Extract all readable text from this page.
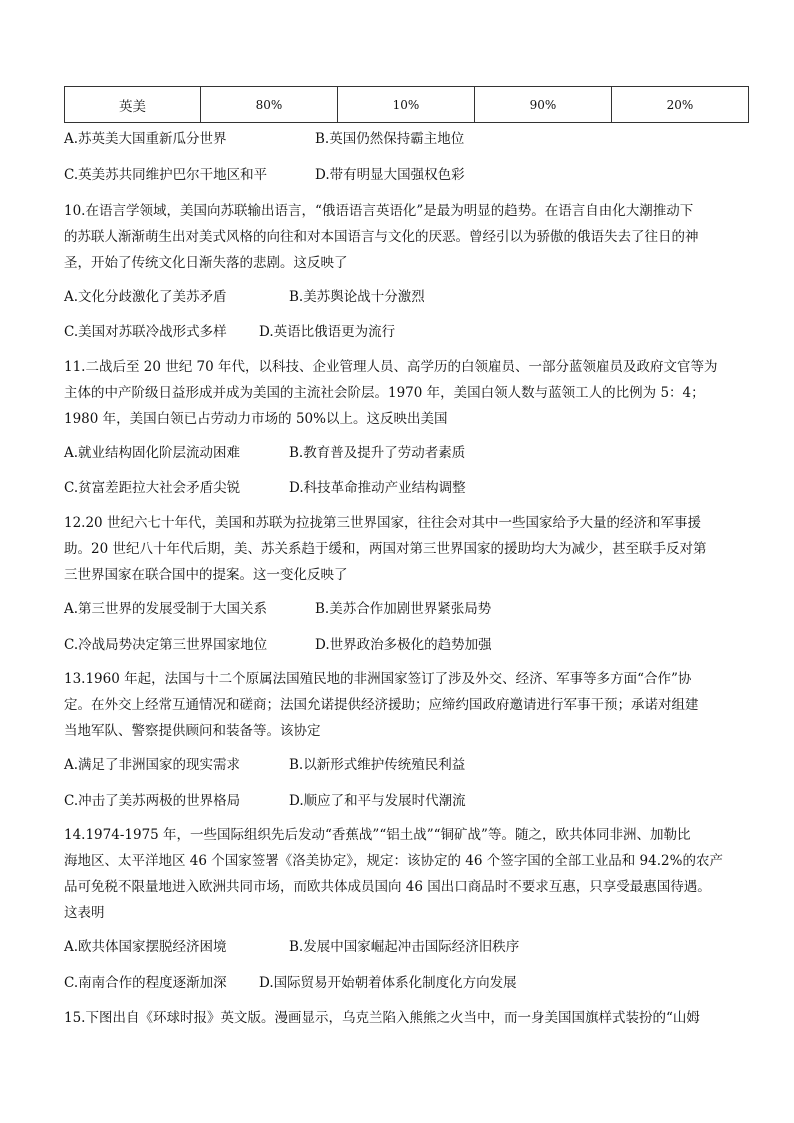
英美	80%	10%	90%	20%
A.苏英美大国重新瓜分世界	B.英国仍然保持霸主地位
C.英美苏共同维护巴尔干地区和平	D.带有明显大国强权色彩
10.在语言学领域，美国向苏联输出语言，“俄语语言英语化”是最为明显的趋势。在语言自由化大潮推动下
的苏联人渐渐萌生出对美式风格的向往和对本国语言与文化的厌恶。曾经引以为骄傲的俄语失去了往日的神
圣，开始了传统文化日渐失落的悲剧。这反映了
A.文化分歧激化了美苏矛盾	B.美苏舆论战十分激烈
C.美国对苏联冷战形式多样 D.英语比俄语更为流行
11.二战后至 20 世纪 70 年代，以科技、企业管理人员、高学历的白领雇员、一部分蓝领雇员及政府文官等为
主体的中产阶级日益形成并成为美国的主流社会阶层。1970 年，美国白领人数与蓝领工人的比例为 5：4；
1980 年，美国白领已占劳动力市场的 50%以上。这反映出美国
A.就业结构固化阶层流动困难	B.教育普及提升了劳动者素质
C.贫富差距拉大社会矛盾尖锐	D.科技革命推动产业结构调整
12.20 世纪六七十年代，美国和苏联为拉拢第三世界国家，往往会对其中一些国家给予大量的经济和军事援
助。20 世纪八十年代后期，美、苏关系趋于缓和，两国对第三世界国家的援助均大为减少，甚至联手反对第
三世界国家在联合国中的提案。这一变化反映了
A.第三世界的发展受制于大国关系	B.美苏合作加剧世界紧张局势
C.冷战局势决定第三世界国家地位	D.世界政治多极化的趋势加强
13.1960 年起，法国与十二个原属法国殖民地的非洲国家签订了涉及外交、经济、军事等多方面“合作”协
定。在外交上经常互通情况和磋商；法国允诺提供经济援助；应缔约国政府邀请进行军事干预；承诺对组建
当地军队、警察提供顾问和装备等。该协定
A.满足了非洲国家的现实需求	B.以新形式维护传统殖民利益
C.冲击了美苏两极的世界格局	D.顺应了和平与发展时代潮流
14.1974-1975 年，一些国际组织先后发动“香蕉战”“铝土战”“铜矿战”等。随之，欧共体同非洲、加勒比
海地区、太平洋地区 46 个国家签署《洛美协定》，规定：该协定的 46 个签字国的全部工业品和 94.2%的农产
品可免税不限量地进入欧洲共同市场，而欧共体成员国向 46 国出口商品时不要求互惠，只享受最惠国待遇。
这表明
A.欧共体国家摆脱经济困境	B.发展中国家崛起冲击国际经济旧秩序
C.南南合作的程度逐渐加深 D.国际贸易开始朝着体系化制度化方向发展
15.下图出自《环球时报》英文版。漫画显示，乌克兰陷入熊熊之火当中，而一身美国国旗样式装扮的“山姆
